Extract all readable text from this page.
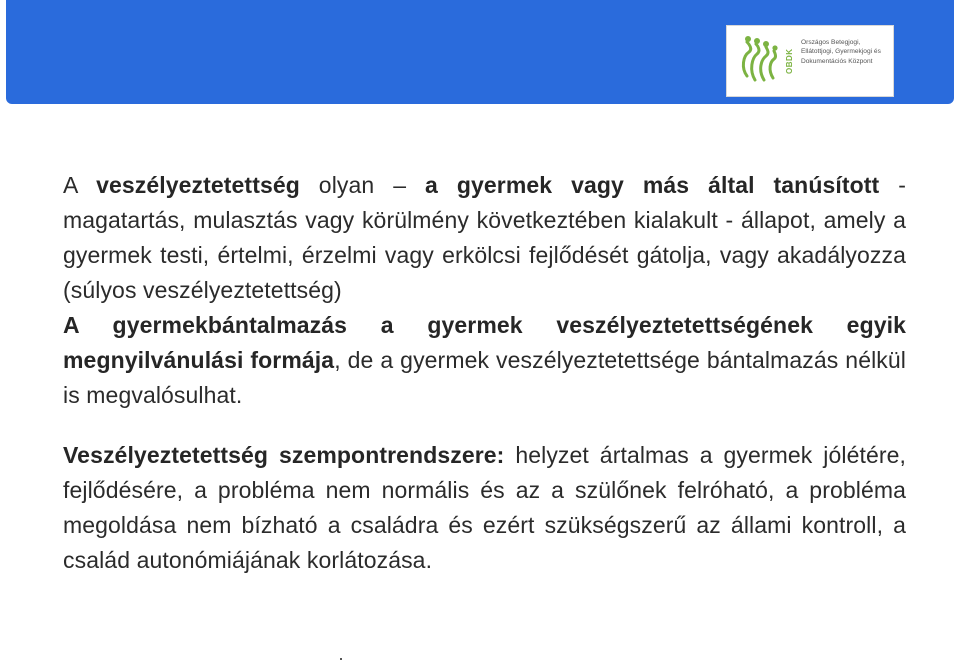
OBDK
Országos Betegjogi,
Ellátottjogi, Gyermekjogi és
Dokumentációs Központ

A veszélyeztetettség olyan – a gyermek vagy más által tanúsított - magatartás, mulasztás vagy körülmény következtében kialakult - állapot, amely a gyermek testi, értelmi, érzelmi vagy erkölcsi fejlődését gátolja, vagy akadályozza (súlyos veszélyeztetettség)
A gyermekbántalmazás a gyermek veszélyeztetettségének egyik megnyilvánulási formája, de a gyermek veszélyeztetettsége bántalmazás nélkül is megvalósulhat.

Veszélyeztetettség szempontrendszere: helyzet ártalmas a gyermek jólétére, fejlődésére, a probléma nem normális és az a szülőnek felróható, a probléma megoldása nem bízható a családra és ezért szükségszerű az állami kontroll, a család autonómiájának korlátozása.
